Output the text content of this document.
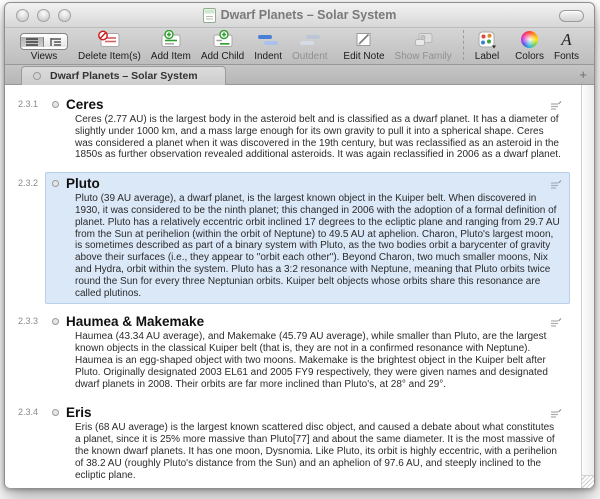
Dwarf Planets – Solar System
Views Delete Item(s) Add Item Add Child Indent Outdent Edit Note Show Family Label Colors
A
Fonts
Dwarf Planets – Solar System	+
2.3.1 Ceres

Ceres (2.77 AU) is the largest body in the asteroid belt and is classified as a dwarf planet. It has a diameter of slightly under 1000 km, and a mass large enough for its own gravity to pull it into a spherical shape. Ceres was considered a planet when it was discovered in the 19th century, but was reclassified as an asteroid in the 1850s as further observation revealed additional asteroids. It was again reclassified in 2006 as a dwarf planet.

2.3.2 Pluto

Pluto (39 AU average), a dwarf planet, is the largest known object in the Kuiper belt. When discovered in 1930, it was considered to be the ninth planet; this changed in 2006 with the adoption of a formal definition of planet. Pluto has a relatively eccentric orbit inclined 17 degrees to the ecliptic plane and ranging from 29.7 AU from the Sun at perihelion (within the orbit of Neptune) to 49.5 AU at aphelion. Charon, Pluto's largest moon, is sometimes described as part of a binary system with Pluto, as the two bodies orbit a barycenter of gravity above their surfaces (i.e., they appear to "orbit each other"). Beyond Charon, two much smaller moons, Nix and Hydra, orbit within the system. Pluto has a 3:2 resonance with Neptune, meaning that Pluto orbits twice round the Sun for every three Neptunian orbits. Kuiper belt objects whose orbits share this resonance are called plutinos.

2.3.3 Haumea & Makemake

Haumea (43.34 AU average), and Makemake (45.79 AU average), while smaller than Pluto, are the largest known objects in the classical Kuiper belt (that is, they are not in a confirmed resonance with Neptune). Haumea is an egg-shaped object with two moons. Makemake is the brightest object in the Kuiper belt after Pluto. Originally designated 2003 EL61 and 2005 FY9 respectively, they were given names and designated dwarf planets in 2008. Their orbits are far more inclined than Pluto's, at 28° and 29°.

2.3.4 Eris

Eris (68 AU average) is the largest known scattered disc object, and caused a debate about what constitutes a planet, since it is 25% more massive than Pluto[77] and about the same diameter. It is the most massive of the known dwarf planets. It has one moon, Dysnomia. Like Pluto, its orbit is highly eccentric, with a perihelion of 38.2 AU (roughly Pluto's distance from the Sun) and an aphelion of 97.6 AU, and steeply inclined to the ecliptic plane.
